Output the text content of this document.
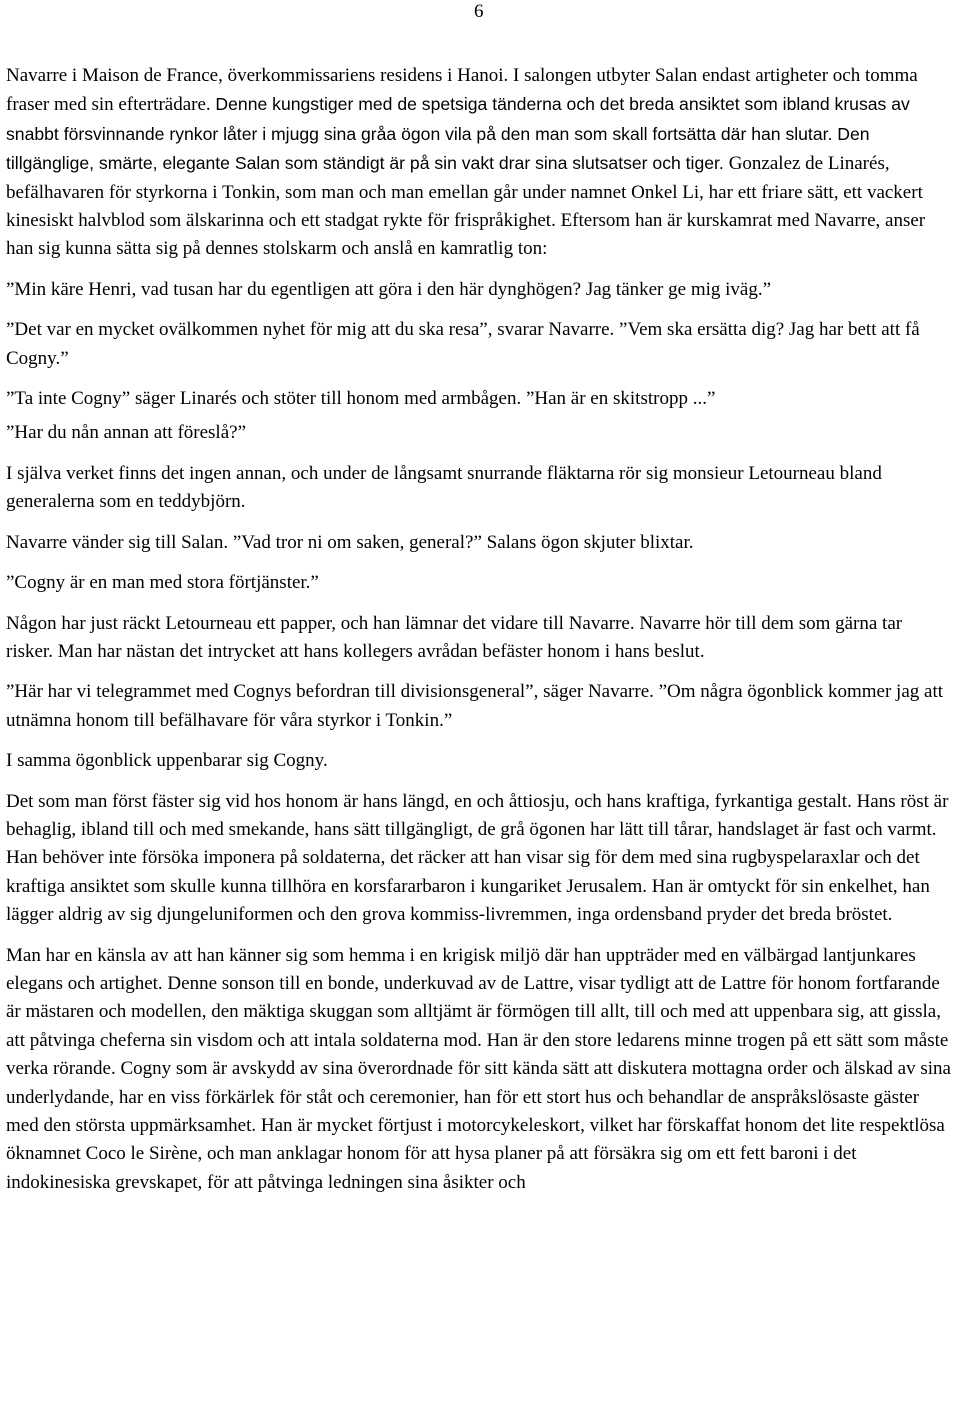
6

Navarre i Maison de France, överkommissariens residens i Hanoi. I salongen utbyter Salan endast artigheter och tomma fraser med sin efterträdare. Denne kungstiger med de spetsiga tänderna och det breda ansiktet som ibland krusas av snabbt försvinnande rynkor låter i mjugg sina gråa ögon vila på den man som skall fortsätta där han slutar. Den tillgänglige, smärte, elegante Salan som ständigt är på sin vakt drar sina slutsatser och tiger. Gonzalez de Linarés, befälhavaren för styrkorna i Tonkin, som man och man emellan går under namnet Onkel Li, har ett friare sätt, ett vackert kinesiskt halvblod som älskarinna och ett stadgat rykte för frispråkighet. Eftersom han är kurskamrat med Navarre, anser han sig kunna sätta sig på dennes stolskarm och anslå en kamratlig ton:

”Min käre Henri, vad tusan har du egentligen att göra i den här dynghögen? Jag tänker ge mig iväg.”

”Det var en mycket ovälkommen nyhet för mig att du ska resa”, svarar Navarre. ”Vem ska ersätta dig? Jag har bett att få Cogny.”

”Ta inte Cogny” säger Linarés och stöter till honom med armbågen. ”Han är en skitstropp ...”

”Har du nån annan att föreslå?”

I själva verket finns det ingen annan, och under de långsamt snurrande fläktarna rör sig monsieur Letourneau bland generalerna som en teddybjörn.

Navarre vänder sig till Salan. ”Vad tror ni om saken, general?” Salans ögon skjuter blixtar.

”Cogny är en man med stora förtjänster.”

Någon har just räckt Letourneau ett papper, och han lämnar det vidare till Navarre. Navarre hör till dem som gärna tar risker. Man har nästan det intrycket att hans kollegers avrådan befäster honom i hans beslut.

”Här har vi telegrammet med Cognys befordran till divisionsgeneral”, säger Navarre. ”Om några ögonblick kommer jag att utnämna honom till befälhavare för våra styrkor i Tonkin.”

I samma ögonblick uppenbarar sig Cogny.

Det som man först fäster sig vid hos honom är hans längd, en och åttiosju, och hans kraftiga, fyrkantiga gestalt. Hans röst är behaglig, ibland till och med smekande, hans sätt tillgängligt, de grå ögonen har lätt till tårar, handslaget är fast och varmt. Han behöver inte försöka imponera på soldaterna, det räcker att han visar sig för dem med sina rugbyspelaraxlar och det kraftiga ansiktet som skulle kunna tillhöra en korsfararbaron i kungariket Jerusalem. Han är omtyckt för sin enkelhet, han lägger aldrig av sig djungeluniformen och den grova kommiss-livremmen, inga ordensband pryder det breda bröstet.

Man har en känsla av att han känner sig som hemma i en krigisk miljö där han uppträder med en välbärgad lantjunkares elegans och artighet. Denne sonson till en bonde, underkuvad av de Lattre, visar tydligt att de Lattre för honom fortfarande är mästaren och modellen, den mäktiga skuggan som alltjämt är förmögen till allt, till och med att uppenbara sig, att gissla, att påtvinga cheferna sin visdom och att intala soldaterna mod. Han är den store ledarens minne trogen på ett sätt som måste verka rörande. Cogny som är avskydd av sina överordnade för sitt kända sätt att diskutera mottagna order och älskad av sina underlydande, har en viss förkärlek för ståt och ceremonier, han för ett stort hus och behandlar de anspråkslösaste gäster med den största uppmärksamhet. Han är mycket förtjust i motorcykeleskort, vilket har förskaffat honom det lite respektlösa öknamnet Coco le Sirène, och man anklagar honom för att hysa planer på att försäkra sig om ett fett baroni i det indokinesiska grevskapet, för att påtvinga ledningen sina åsikter och
